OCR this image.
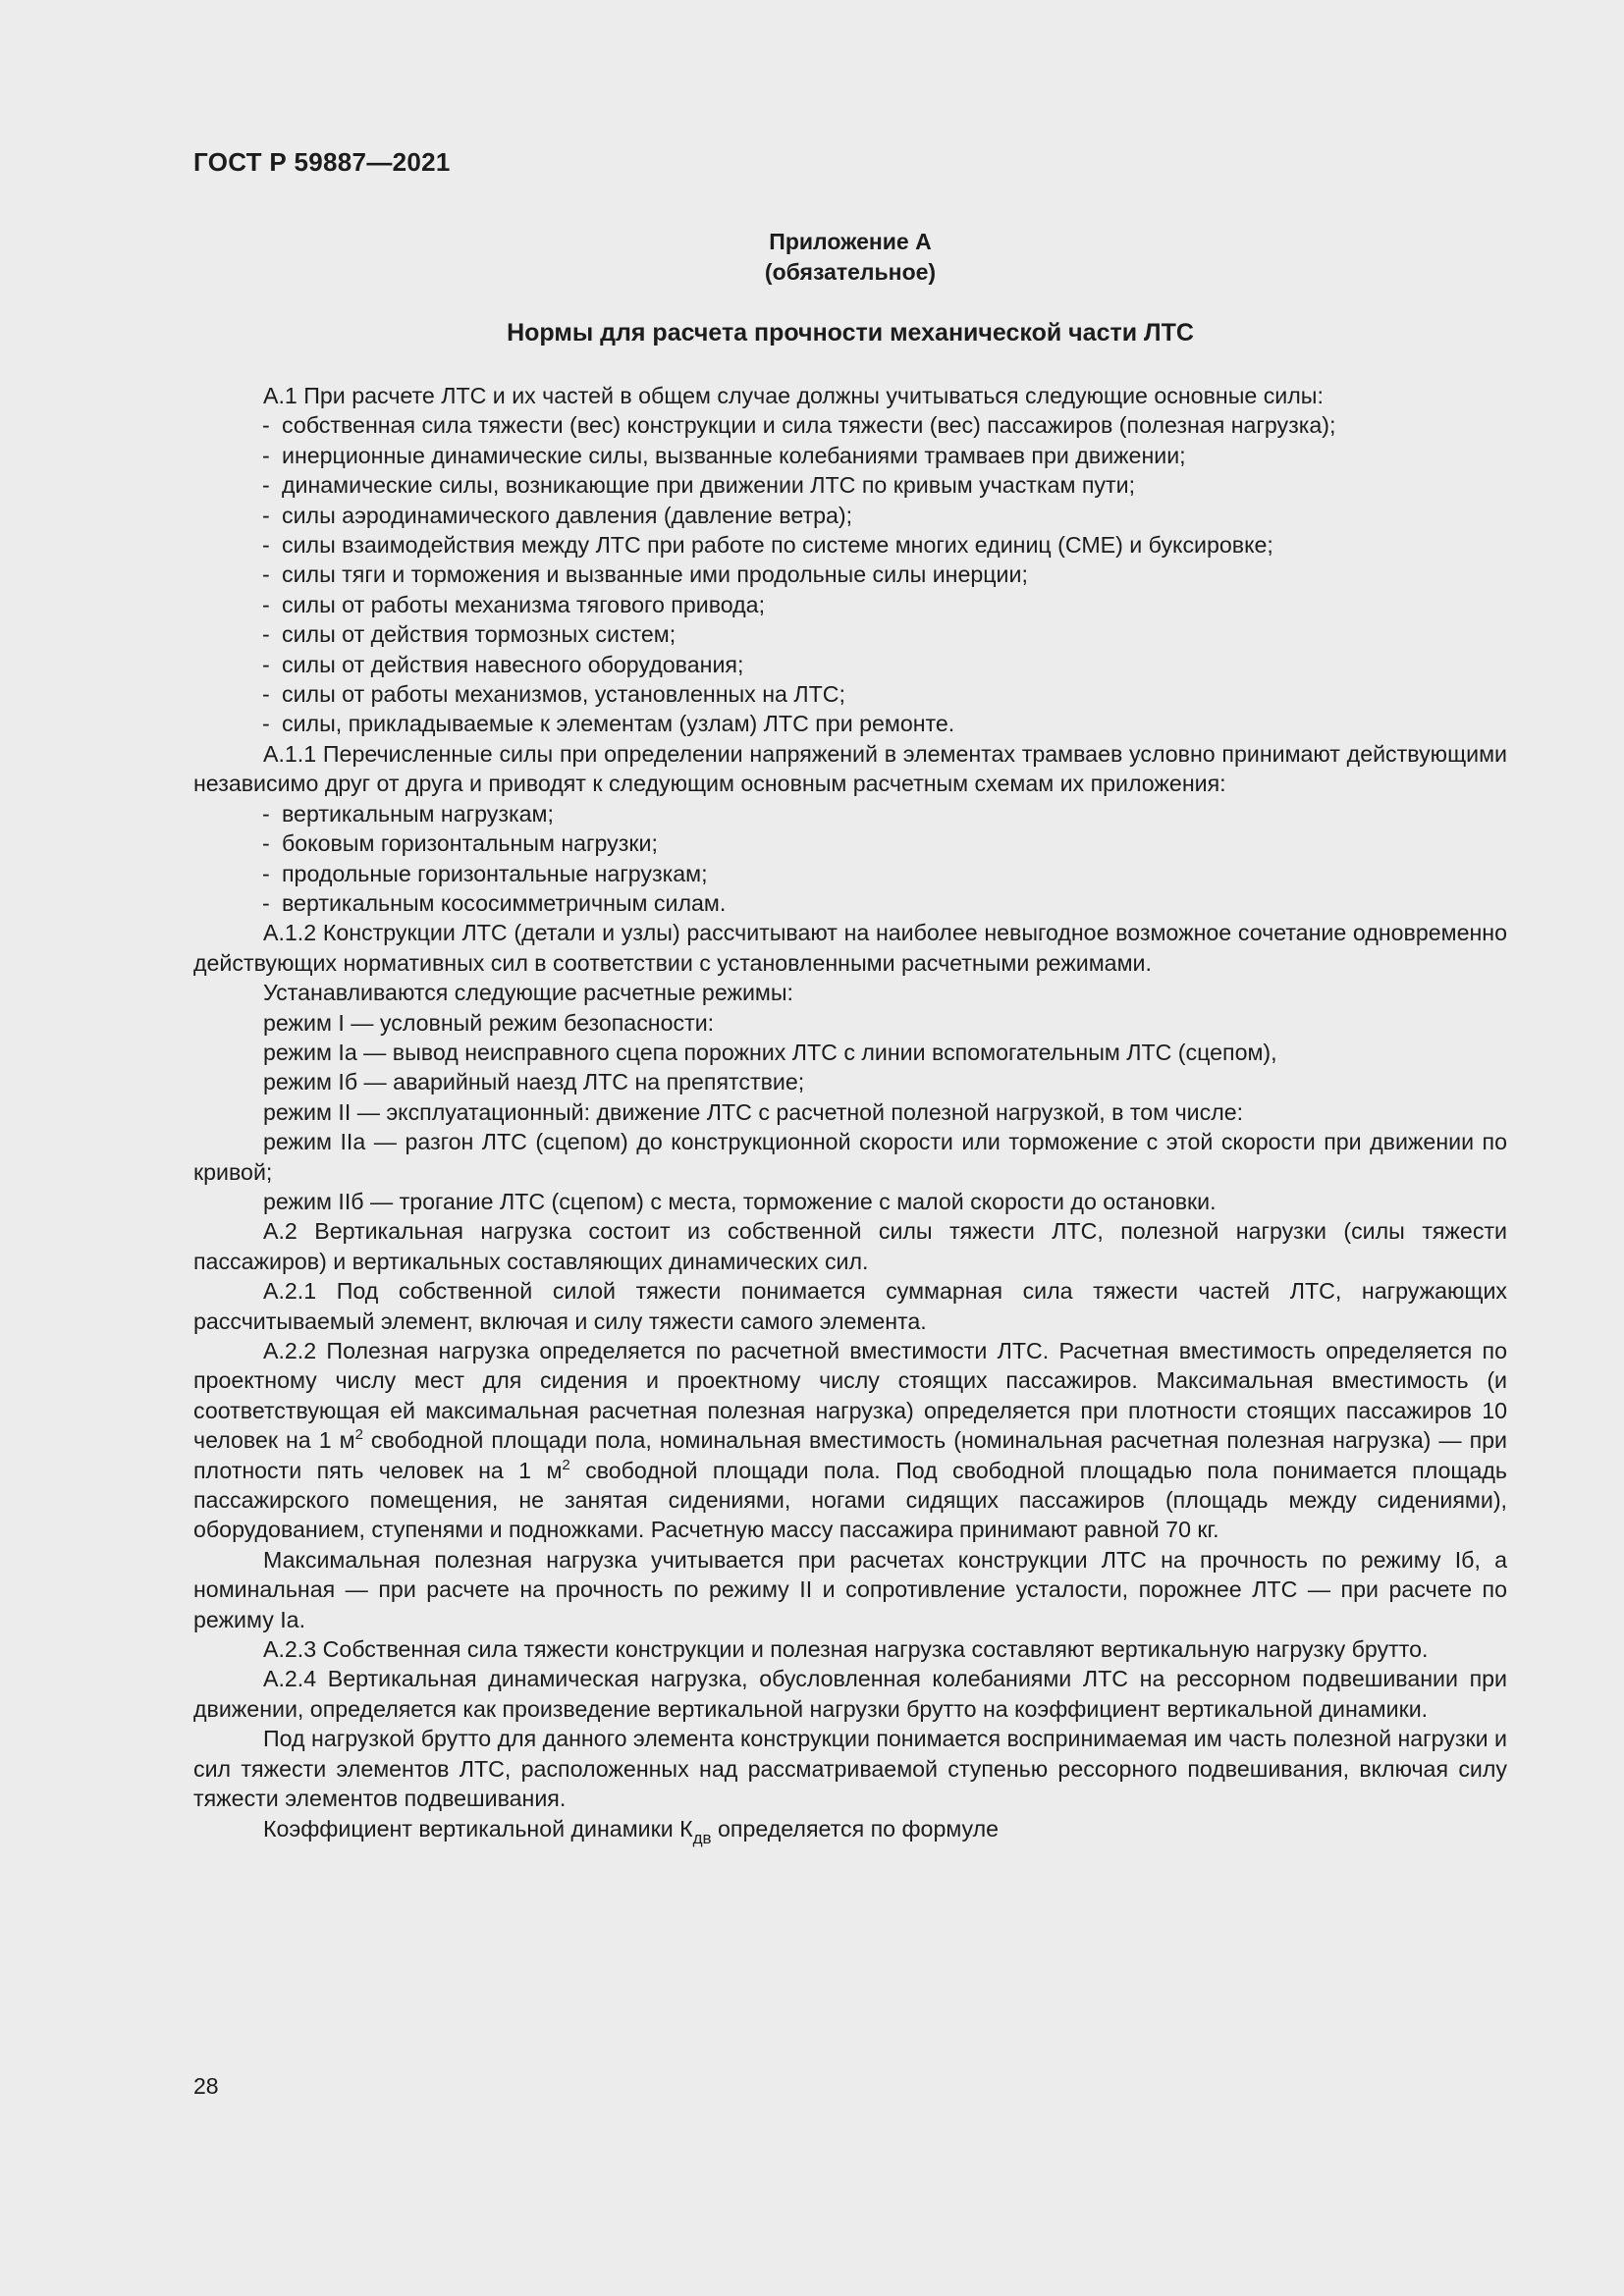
ГОСТ Р 59887—2021
Приложение А
(обязательное)
Нормы для расчета прочности механической части ЛТС

А.1 При расчете ЛТС и их частей в общем случае должны учитываться следующие основные силы:

- собственная сила тяжести (вес) конструкции и сила тяжести (вес) пассажиров (полезная нагрузка);

- инерционные динамические силы, вызванные колебаниями трамваев при движении;

- динамические силы, возникающие при движении ЛТС по кривым участкам пути;

- силы аэродинамического давления (давление ветра);

- силы взаимодействия между ЛТС при работе по системе многих единиц (СМЕ) и буксировке;

- силы тяги и торможения и вызванные ими продольные силы инерции;

- силы от работы механизма тягового привода;

- силы от действия тормозных систем;

- силы от действия навесного оборудования;

- силы от работы механизмов, установленных на ЛТС;

- силы, прикладываемые к элементам (узлам) ЛТС при ремонте.

А.1.1 Перечисленные силы при определении напряжений в элементах трамваев условно принимают действующими независимо друг от друга и приводят к следующим основным расчетным схемам их приложения:

- вертикальным нагрузкам;

- боковым горизонтальным нагрузки;

- продольные горизонтальные нагрузкам;

- вертикальным кососимметричным силам.

А.1.2 Конструкции ЛТС (детали и узлы) рассчитывают на наиболее невыгодное возможное сочетание одновременно действующих нормативных сил в соответствии с установленными расчетными режимами.

Устанавливаются следующие расчетные режимы:

режим I — условный режим безопасности:

режим Iа — вывод неисправного сцепа порожних ЛТС с линии вспомогательным ЛТС (сцепом),

режим Iб — аварийный наезд ЛТС на препятствие;

режим II — эксплуатационный: движение ЛТС с расчетной полезной нагрузкой, в том числе:

режим IIа — разгон ЛТС (сцепом) до конструкционной скорости или торможение с этой скорости при движении по кривой;

режим IIб — трогание ЛТС (сцепом) с места, торможение с малой скорости до остановки.

А.2 Вертикальная нагрузка состоит из собственной силы тяжести ЛТС, полезной нагрузки (силы тяжести пассажиров) и вертикальных составляющих динамических сил.

А.2.1 Под собственной силой тяжести понимается суммарная сила тяжести частей ЛТС, нагружающих рассчитываемый элемент, включая и силу тяжести самого элемента.

А.2.2 Полезная нагрузка определяется по расчетной вместимости ЛТС. Расчетная вместимость определяется по проектному числу мест для сидения и проектному числу стоящих пассажиров. Максимальная вместимость (и соответствующая ей максимальная расчетная полезная нагрузка) определяется при плотности стоящих пассажиров 10 человек на 1 $м^2$ свободной площади пола, номинальная вместимость (номинальная расчетная полезная нагрузка) — при плотности пять человек на 1 $м^2$ свободной площади пола. Под свободной площадью пола понимается площадь пассажирского помещения, не занятая сидениями, ногами сидящих пассажиров (площадь между сидениями), оборудованием, ступенями и подножками. Расчетную массу пассажира принимают равной 70 кг.

Максимальная полезная нагрузка учитывается при расчетах конструкции ЛТС на прочность по режиму Iб, а номинальная — при расчете на прочность по режиму II и сопротивление усталости, порожнее ЛТС — при расчете по режиму Iа.

А.2.3 Собственная сила тяжести конструкции и полезная нагрузка составляют вертикальную нагрузку брутто.

А.2.4 Вертикальная динамическая нагрузка, обусловленная колебаниями ЛТС на рессорном подвешивании при движении, определяется как произведение вертикальной нагрузки брутто на коэффициент вертикальной динамики.

Под нагрузкой брутто для данного элемента конструкции понимается воспринимаемая им часть полезной нагрузки и сил тяжести элементов ЛТС, расположенных над рассматриваемой ступенью рессорного подвешивания, включая силу тяжести элементов подвешивания.

Коэффициент вертикальной динамики $К_{дв}$ определяется по формуле

28
